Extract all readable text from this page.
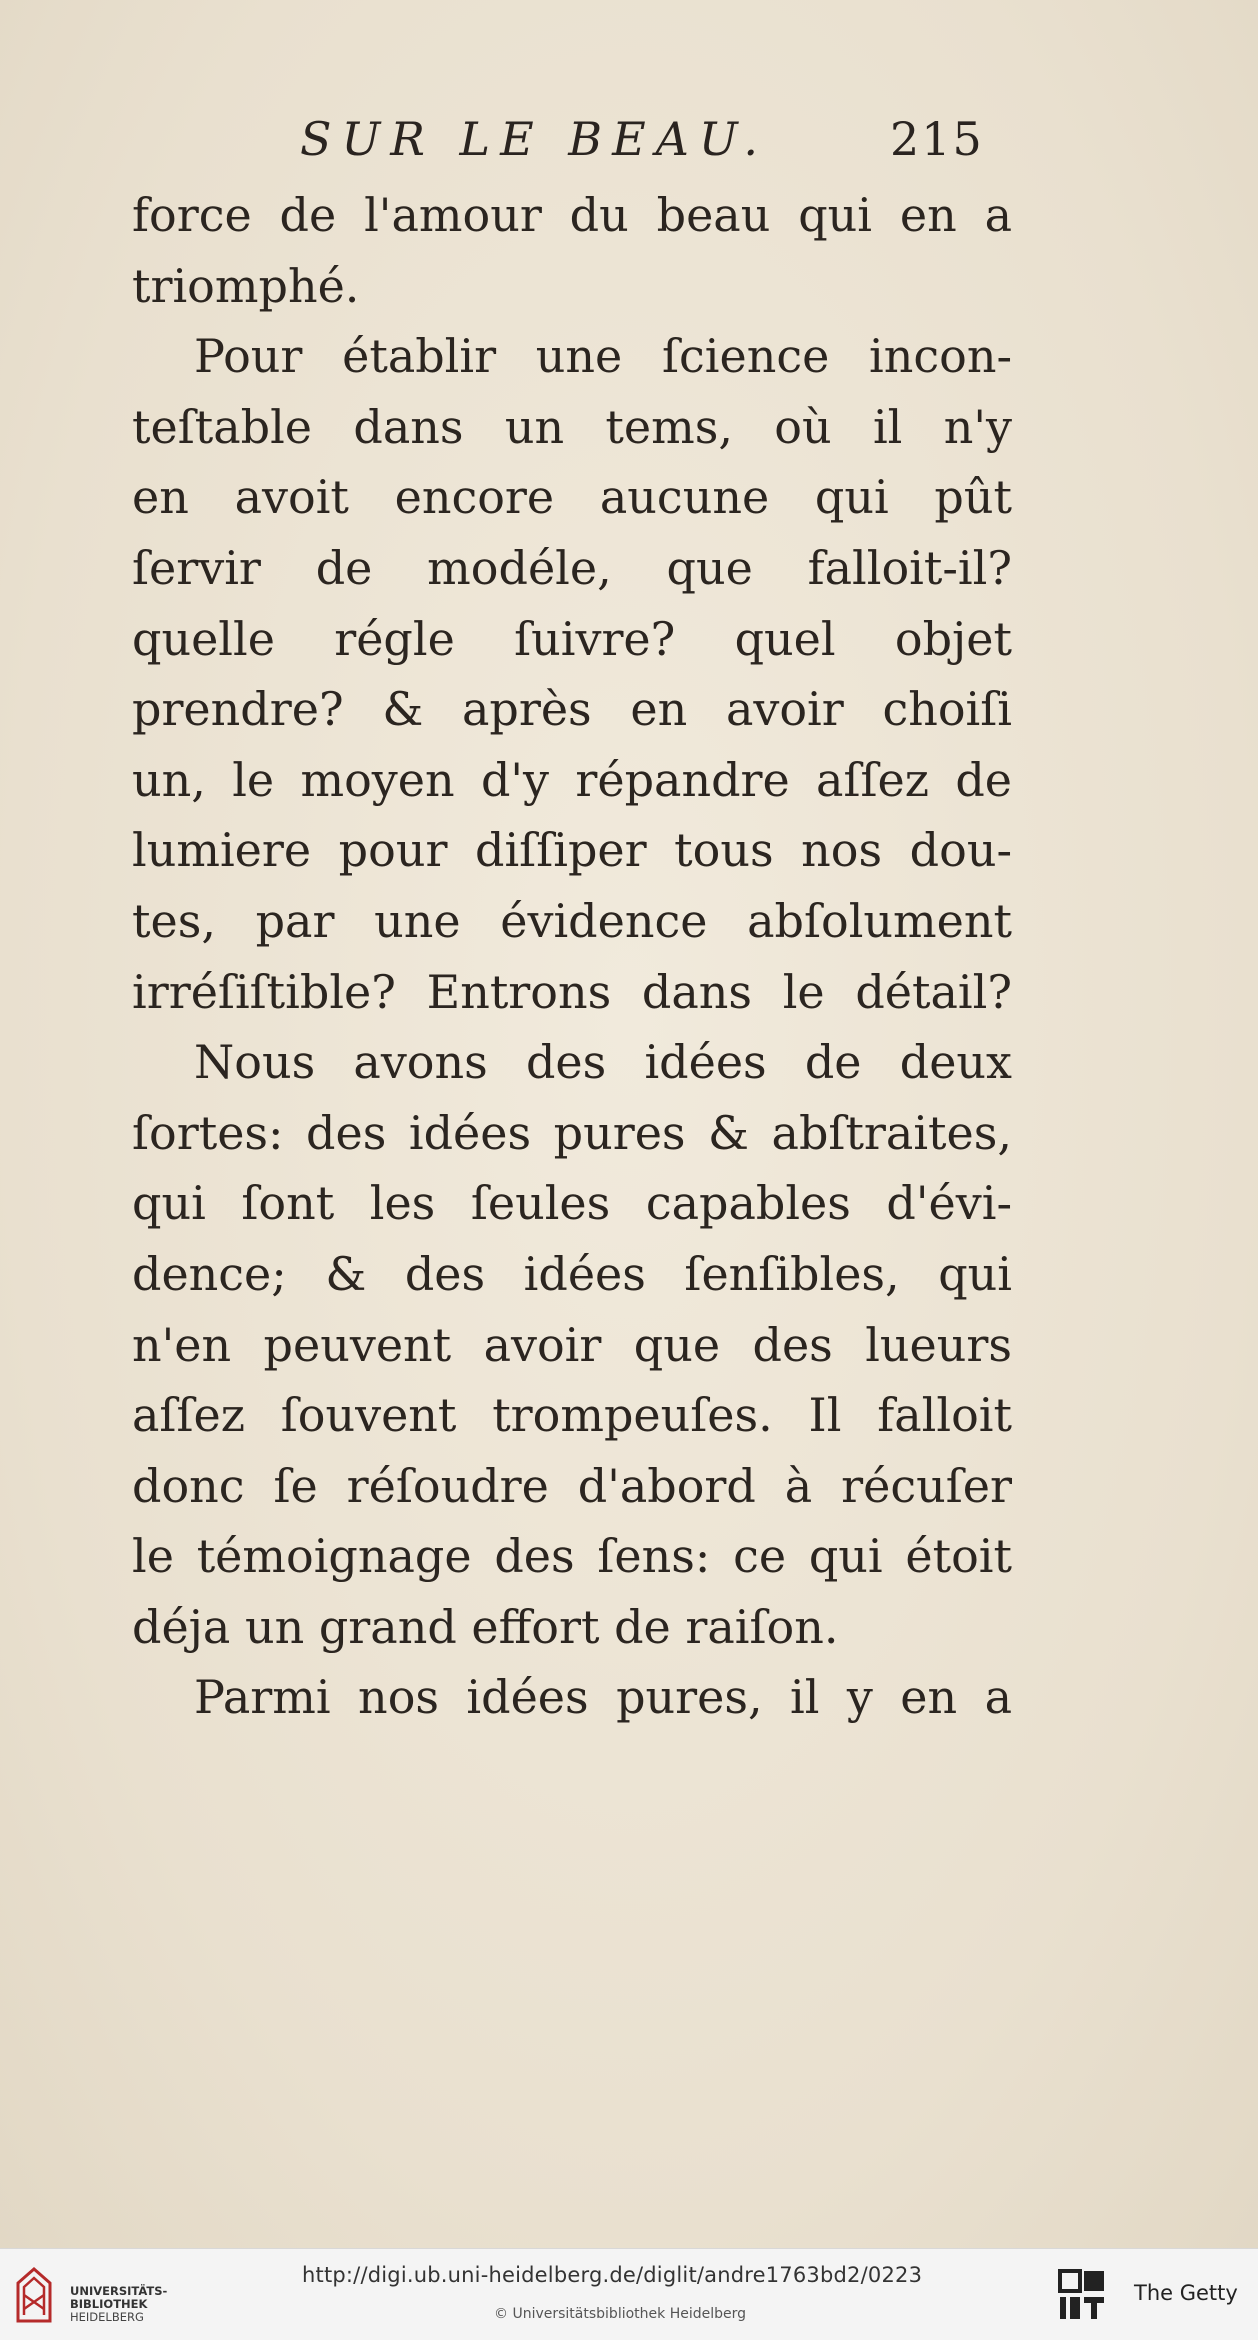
SUR LE BEAU.	215
force de l'amour du beau qui en a
triomphé.
Pour établir une ſcience incon-
teſtable dans un tems, où il n'y
en avoit encore aucune qui pût
ſervir de modéle, que falloit-il?
quelle régle ſuivre? quel objet
prendre? & après en avoir choiſi
un, le moyen d'y répandre aſſez de
lumiere pour diſſiper tous nos dou-
tes, par une évidence abſolument
irréſiſtible? Entrons dans le détail?
Nous avons des idées de deux
ſortes: des idées pures & abſtraites,
qui ſont les ſeules capables d'évi-
dence; & des idées ſenſibles, qui
n'en peuvent avoir que des lueurs
aſſez ſouvent trompeuſes. Il falloit
donc ſe réſoudre d'abord à récuſer
le témoignage des ſens: ce qui étoit
déja un grand effort de raiſon.
Parmi nos idées pures, il y en a
UNIVERSITÄTS-
BIBLIOTHEK
HEIDELBERG
http://digi.ub.uni-heidelberg.de/diglit/andre1763bd2/0223
© Universitätsbibliothek Heidelberg
The Getty
